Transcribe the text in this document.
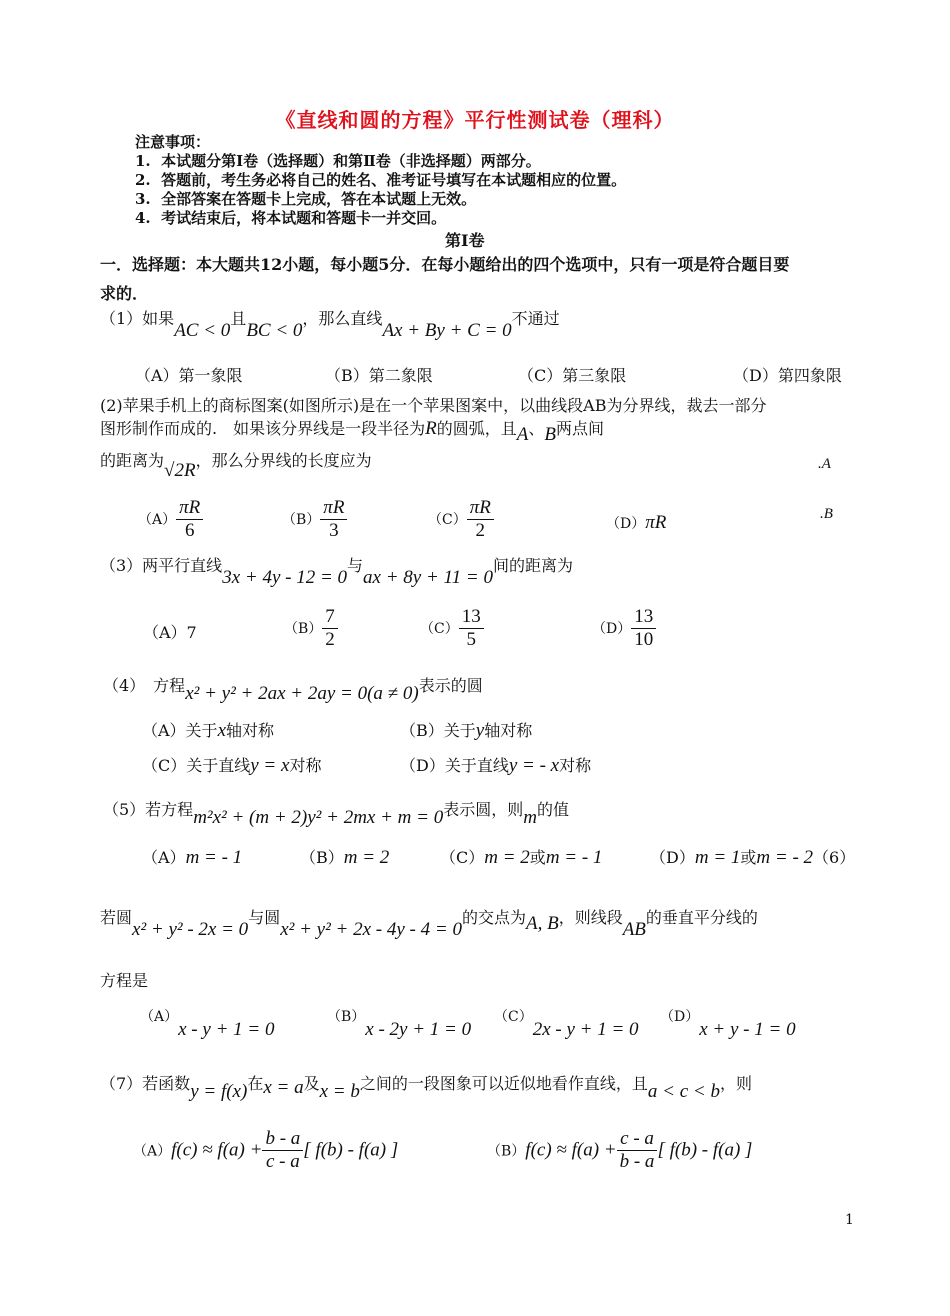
《直线和圆的方程》平行性测试卷（理科）
注意事项：
1.  本试题分第Ⅰ卷（选择题）和第Ⅱ卷（非选择题）两部分。
2.  答题前，考生务必将自己的姓名、准考证号填写在本试题相应的位置。
3.  全部答案在答题卡上完成，答在本试题上无效。
4.  考试结束后，将本试题和答题卡一并交回。
第Ⅰ卷
一．选择题：本大题共12小题，每小题5分．在每小题给出的四个选项中，只有一项是符合题目要
求的．
（1）如果AC < 0且BC < 0，那么直线Ax + By + C = 0不通过
（A）第一象限	（B）第二象限	（C）第三象限	（D）第四象限
(2)苹果手机上的商标图案(如图所示)是在一个苹果图案中，以曲线段AB为分界线，裁去一部分
图形制作而成的.　如果该分界线是一段半径为R的圆弧，且A、B两点间
的距离为√2R，那么分界线的长度应为	.A
.B
$(A) \frac{\pi R}{6}$	$(B) \frac{\pi R}{3}$	$(C) \frac{\pi R}{2}$	（D）πR
（3）两平行直线3x + 4y - 12 = 0与ax + 8y + 11 = 0间的距离为
（A）7	$(B) \frac{7}{2}$	$(C) \frac{13}{5}$	$(D) \frac{13}{10}$
（4）　方程x² + y² + 2ax + 2ay = 0(a ≠ 0)表示的圆
（A）关于x轴对称	（B）关于y轴对称
（C）关于直线y = x对称	（D）关于直线y = - x对称
（5）若方程m²x² + (m + 2)y² + 2mx + m = 0表示圆，则m的值
（A）m = - 1	（B）m = 2	（C）m = 2或m = - 1	（D）m = 1或m = - 2（6）
若圆x² + y² - 2x = 0与圆x² + y² + 2x - 4y - 4 = 0的交点为A, B，则线段AB的垂直平分线的
方程是
（A）x - y + 1 = 0
（B）x - 2y + 1 = 0
（C）2x - y + 1 = 0
（D）x + y - 1 = 0
（7）若函数y = f(x)在x = a及x = b之间的一段图象可以近似地看作直线，且a < c < b，则
$(A)f(c) \approx f(a) + \frac{b - a}{c - a}$ [ f(b) - f(a) ]	$(B)f(c) \approx f(a) + \frac{c - a}{b - a}$ [ f(b) - f(a) ]
1
